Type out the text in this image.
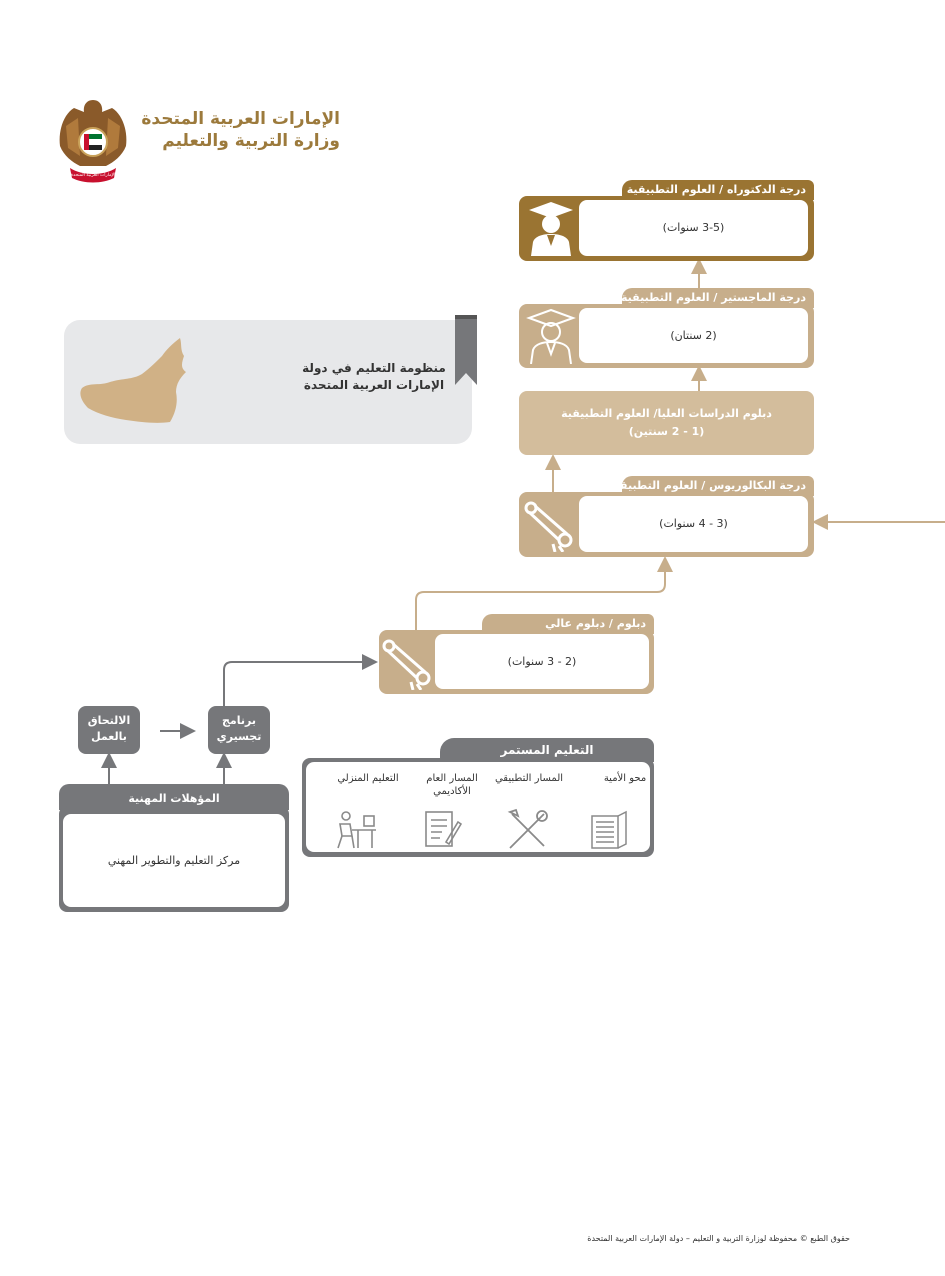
الإمارات العربية المتحدة
الإمارات العربية المتحدة
وزارة التربية والتعليم
منظومة التعليم في دولة
الإمارات العربية المتحدة
درجة الدكتوراه / العلوم التطبيقية
(3-5 سنوات)
درجة الماجستير / العلوم التطبيقية
(2 سنتان)
دبلوم الدراسات العليا/ العلوم التطبيقية
(1 - 2 سنتين)
درجة البكالوريوس / العلوم التطبيقية
(3 - 4 سنوات)
دبلوم / دبلوم عالي
(2 - 3 سنوات)
الالتحاق بالعمل
برنامج تجسيري
المؤهلات المهنية
مركز التعليم والتطوير المهني
التعليم المستمر
محو الأمية
المسار التطبيقي
المسار العام الأكاديمي
التعليم المنزلي
حقوق الطبع © محفوظة لوزارة التربية و التعليم – دولة الإمارات العربية المتحدة
